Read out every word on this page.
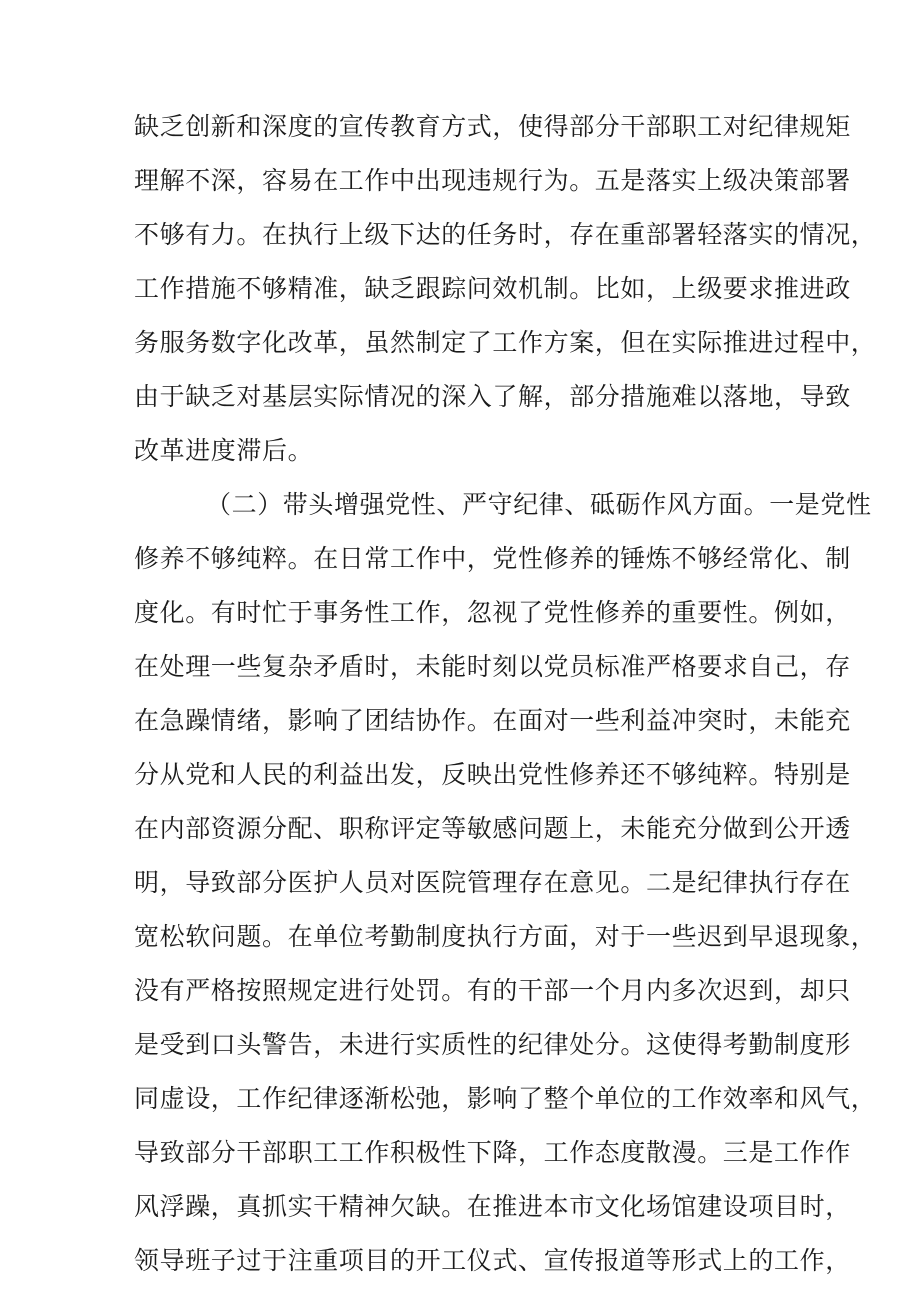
缺乏创新和深度的宣传教育方式，使得部分干部职工对纪律规矩
理解不深，容易在工作中出现违规行为。五是落实上级决策部署
不够有力。在执行上级下达的任务时，存在重部署轻落实的情况，
工作措施不够精准，缺乏跟踪问效机制。比如，上级要求推进政
务服务数字化改革，虽然制定了工作方案，但在实际推进过程中，
由于缺乏对基层实际情况的深入了解，部分措施难以落地，导致
改革进度滞后。
（二）带头增强党性、严守纪律、砥砺作风方面。一是党性
修养不够纯粹。在日常工作中，党性修养的锤炼不够经常化、制
度化。有时忙于事务性工作，忽视了党性修养的重要性。例如，
在处理一些复杂矛盾时，未能时刻以党员标准严格要求自己，存
在急躁情绪，影响了团结协作。在面对一些利益冲突时，未能充
分从党和人民的利益出发，反映出党性修养还不够纯粹。特别是
在内部资源分配、职称评定等敏感问题上，未能充分做到公开透
明，导致部分医护人员对医院管理存在意见。二是纪律执行存在
宽松软问题。在单位考勤制度执行方面，对于一些迟到早退现象，
没有严格按照规定进行处罚。有的干部一个月内多次迟到，却只
是受到口头警告，未进行实质性的纪律处分。这使得考勤制度形
同虚设，工作纪律逐渐松弛，影响了整个单位的工作效率和风气，
导致部分干部职工工作积极性下降，工作态度散漫。三是工作作
风浮躁，真抓实干精神欠缺。在推进本市文化场馆建设项目时，
领导班子过于注重项目的开工仪式、宣传报道等形式上的工作，
